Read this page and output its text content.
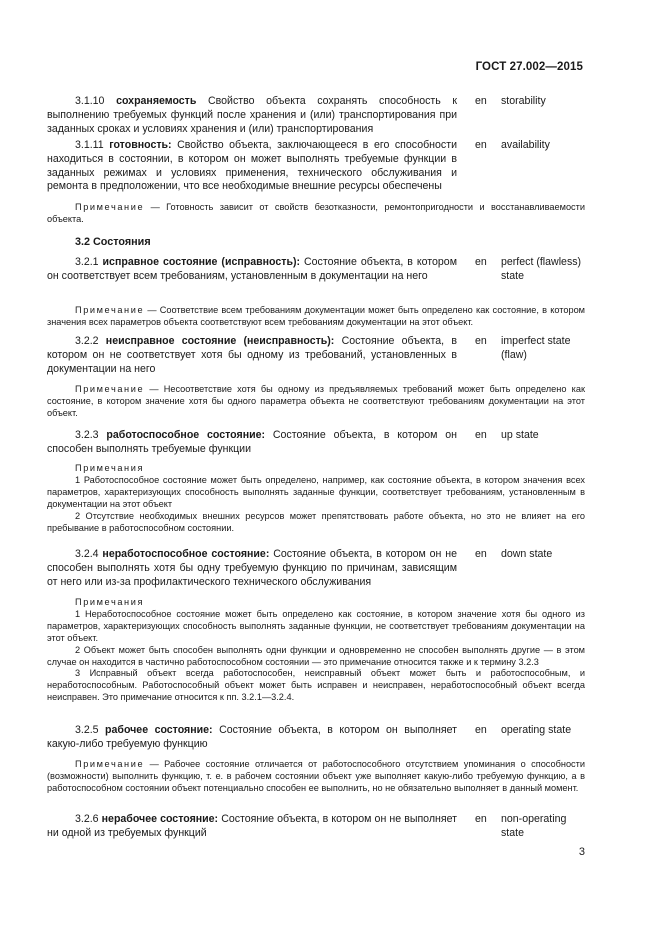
ГОСТ 27.002—2015
3.1.10 сохраняемость Свойство объекта сохранять способность к выполнению требуемых функций после хранения и (или) транспортирования при заданных сроках и условиях хранения и (или) транспортирования
en storability
3.1.11 готовность: Свойство объекта, заключающееся в его способности находиться в состоянии, в котором он может выполнять требуемые функции в заданных режимах и условиях применения, технического обслуживания и ремонта в предположении, что все необходимые внешние ресурсы обеспечены
en availability
Примечание — Готовность зависит от свойств безотказности, ремонтопригодности и восстанавливаемости объекта.
3.2 Состояния
3.2.1 исправное состояние (исправность): Состояние объекта, в котором он соответствует всем требованиям, установленным в документации на него
en perfect (flawless) state
Примечание — Соответствие всем требованиям документации может быть определено как состояние, в котором значения всех параметров объекта соответствуют всем требованиям документации на этот объект.
3.2.2 неисправное состояние (неисправность): Состояние объекта, в котором он не соответствует хотя бы одному из требований, установленных в документации на него
en imperfect state (flaw)
Примечание — Несоответствие хотя бы одному из предъявляемых требований может быть определено как состояние, в котором значение хотя бы одного параметра объекта не соответствуют требованиям документации на этот объект.
3.2.3 работоспособное состояние: Состояние объекта, в котором он способен выполнять требуемые функции
en up state
Примечания
1 Работоспособное состояние может быть определено, например, как состояние объекта, в котором значения всех параметров, характеризующих способность выполнять заданные функции, соответствует требованиям, установленным в документации на этот объект
2 Отсутствие необходимых внешних ресурсов может препятствовать работе объекта, но это не влияет на его пребывание в работоспособном состоянии.
3.2.4 неработоспособное состояние: Состояние объекта, в котором он не способен выполнять хотя бы одну требуемую функцию по причинам, зависящим от него или из-за профилактического технического обслуживания
en down state
Примечания
1 Неработоспособное состояние может быть определено как состояние, в котором значение хотя бы одного из параметров, характеризующих способность выполнять заданные функции, не соответствует требованиям документации на этот объект.
2 Объект может быть способен выполнять одни функции и одновременно не способен выполнять другие — в этом случае он находится в частично работоспособном состоянии — это примечание относится также и к термину 3.2.3
3 Исправный объект всегда работоспособен, неисправный объект может быть и работоспособным, и неработоспособным. Работоспособный объект может быть исправен и неисправен, неработоспособный объект всегда неисправен. Это примечание относится к пп. 3.2.1—3.2.4.
3.2.5 рабочее состояние: Состояние объекта, в котором он выполняет какую-либо требуемую функцию
en operating state
Примечание — Рабочее состояние отличается от работоспособного отсутствием упоминания о способности (возможности) выполнить функцию, т. е. в рабочем состоянии объект уже выполняет какую-либо требуемую функцию, а в работоспособном состоянии объект потенциально способен ее выполнить, но не обязательно выполняет в данный момент.
3.2.6 нерабочее состояние: Состояние объекта, в котором он не выполняет ни одной из требуемых функций
en non-operating state
3
